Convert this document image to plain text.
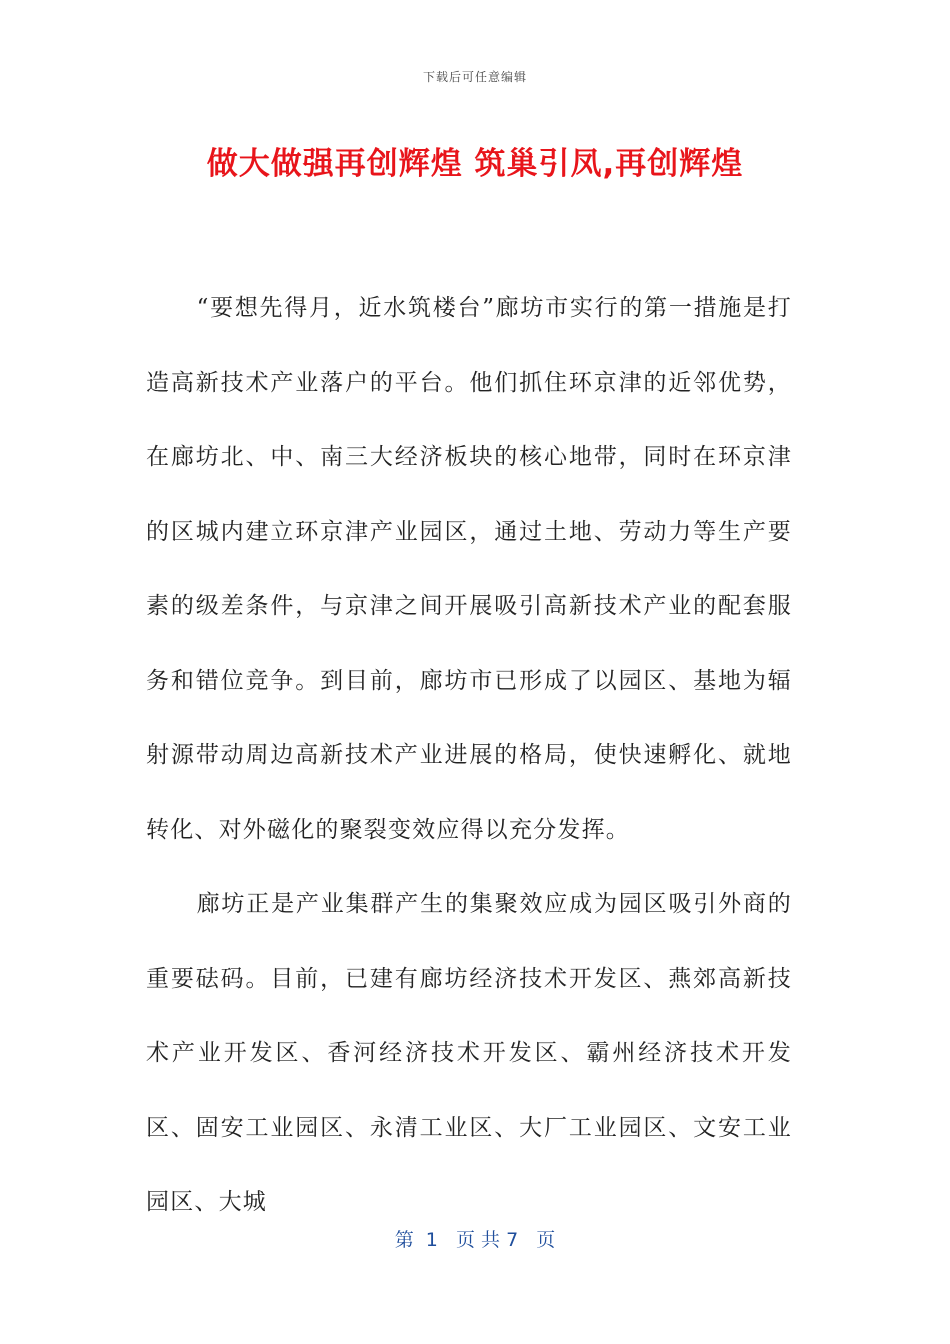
下载后可任意编辑
做大做强再创辉煌 筑巢引凤,再创辉煌

“要想先得月，近水筑楼台”廊坊市实行的第一措施是打造高新技术产业落户的平台。他们抓住环京津的近邻优势，在廊坊北、中、南三大经济板块的核心地带，同时在环京津的区城内建立环京津产业园区，通过土地、劳动力等生产要素的级差条件，与京津之间开展吸引高新技术产业的配套服务和错位竞争。到目前，廊坊市已形成了以园区、基地为辐射源带动周边高新技术产业进展的格局，使快速孵化、就地转化、对外磁化的聚裂变效应得以充分发挥。

廊坊正是产业集群产生的集聚效应成为园区吸引外商的重要砝码。目前，已建有廊坊经济技术开发区、燕郊高新技术产业开发区、香河经济技术开发区、霸州经济技术开发区、固安工业园区、永清工业区、大厂工业园区、文安工业园区、大城

第  1   页 共 7   页
